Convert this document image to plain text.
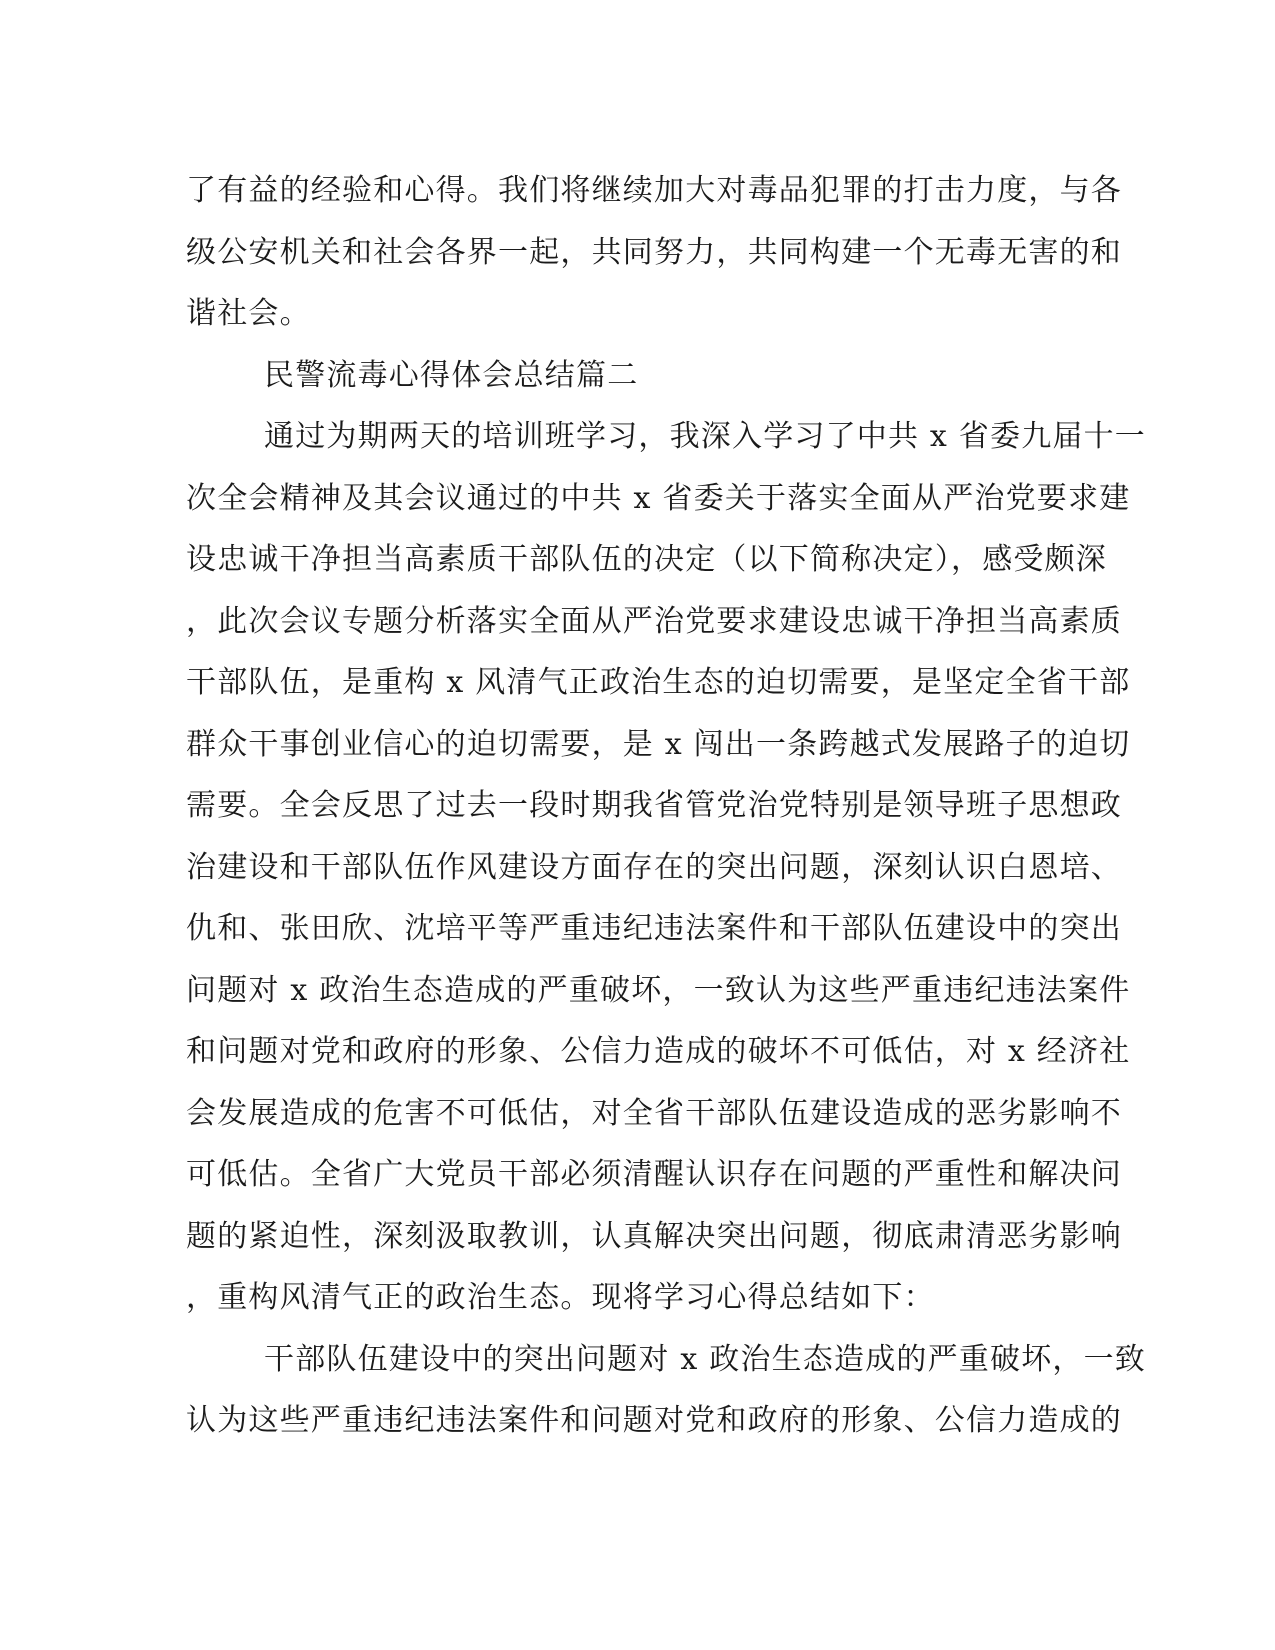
了有益的经验和心得。我们将继续加大对毒品犯罪的打击力度，与各
级公安机关和社会各界一起，共同努力，共同构建一个无毒无害的和
谐社会。
民警流毒心得体会总结篇二
通过为期两天的培训班学习，我深入学习了中共 x 省委九届十一
次全会精神及其会议通过的中共 x 省委关于落实全面从严治党要求建
设忠诚干净担当高素质干部队伍的决定（以下简称决定），感受颇深
，此次会议专题分析落实全面从严治党要求建设忠诚干净担当高素质
干部队伍，是重构 x 风清气正政治生态的迫切需要，是坚定全省干部
群众干事创业信心的迫切需要，是 x 闯出一条跨越式发展路子的迫切
需要。全会反思了过去一段时期我省管党治党特别是领导班子思想政
治建设和干部队伍作风建设方面存在的突出问题，深刻认识白恩培、
仇和、张田欣、沈培平等严重违纪违法案件和干部队伍建设中的突出
问题对 x 政治生态造成的严重破坏，一致认为这些严重违纪违法案件
和问题对党和政府的形象、公信力造成的破坏不可低估，对 x 经济社
会发展造成的危害不可低估，对全省干部队伍建设造成的恶劣影响不
可低估。全省广大党员干部必须清醒认识存在问题的严重性和解决问
题的紧迫性，深刻汲取教训，认真解决突出问题，彻底肃清恶劣影响
，重构风清气正的政治生态。现将学习心得总结如下：
干部队伍建设中的突出问题对 x 政治生态造成的严重破坏，一致
认为这些严重违纪违法案件和问题对党和政府的形象、公信力造成的
